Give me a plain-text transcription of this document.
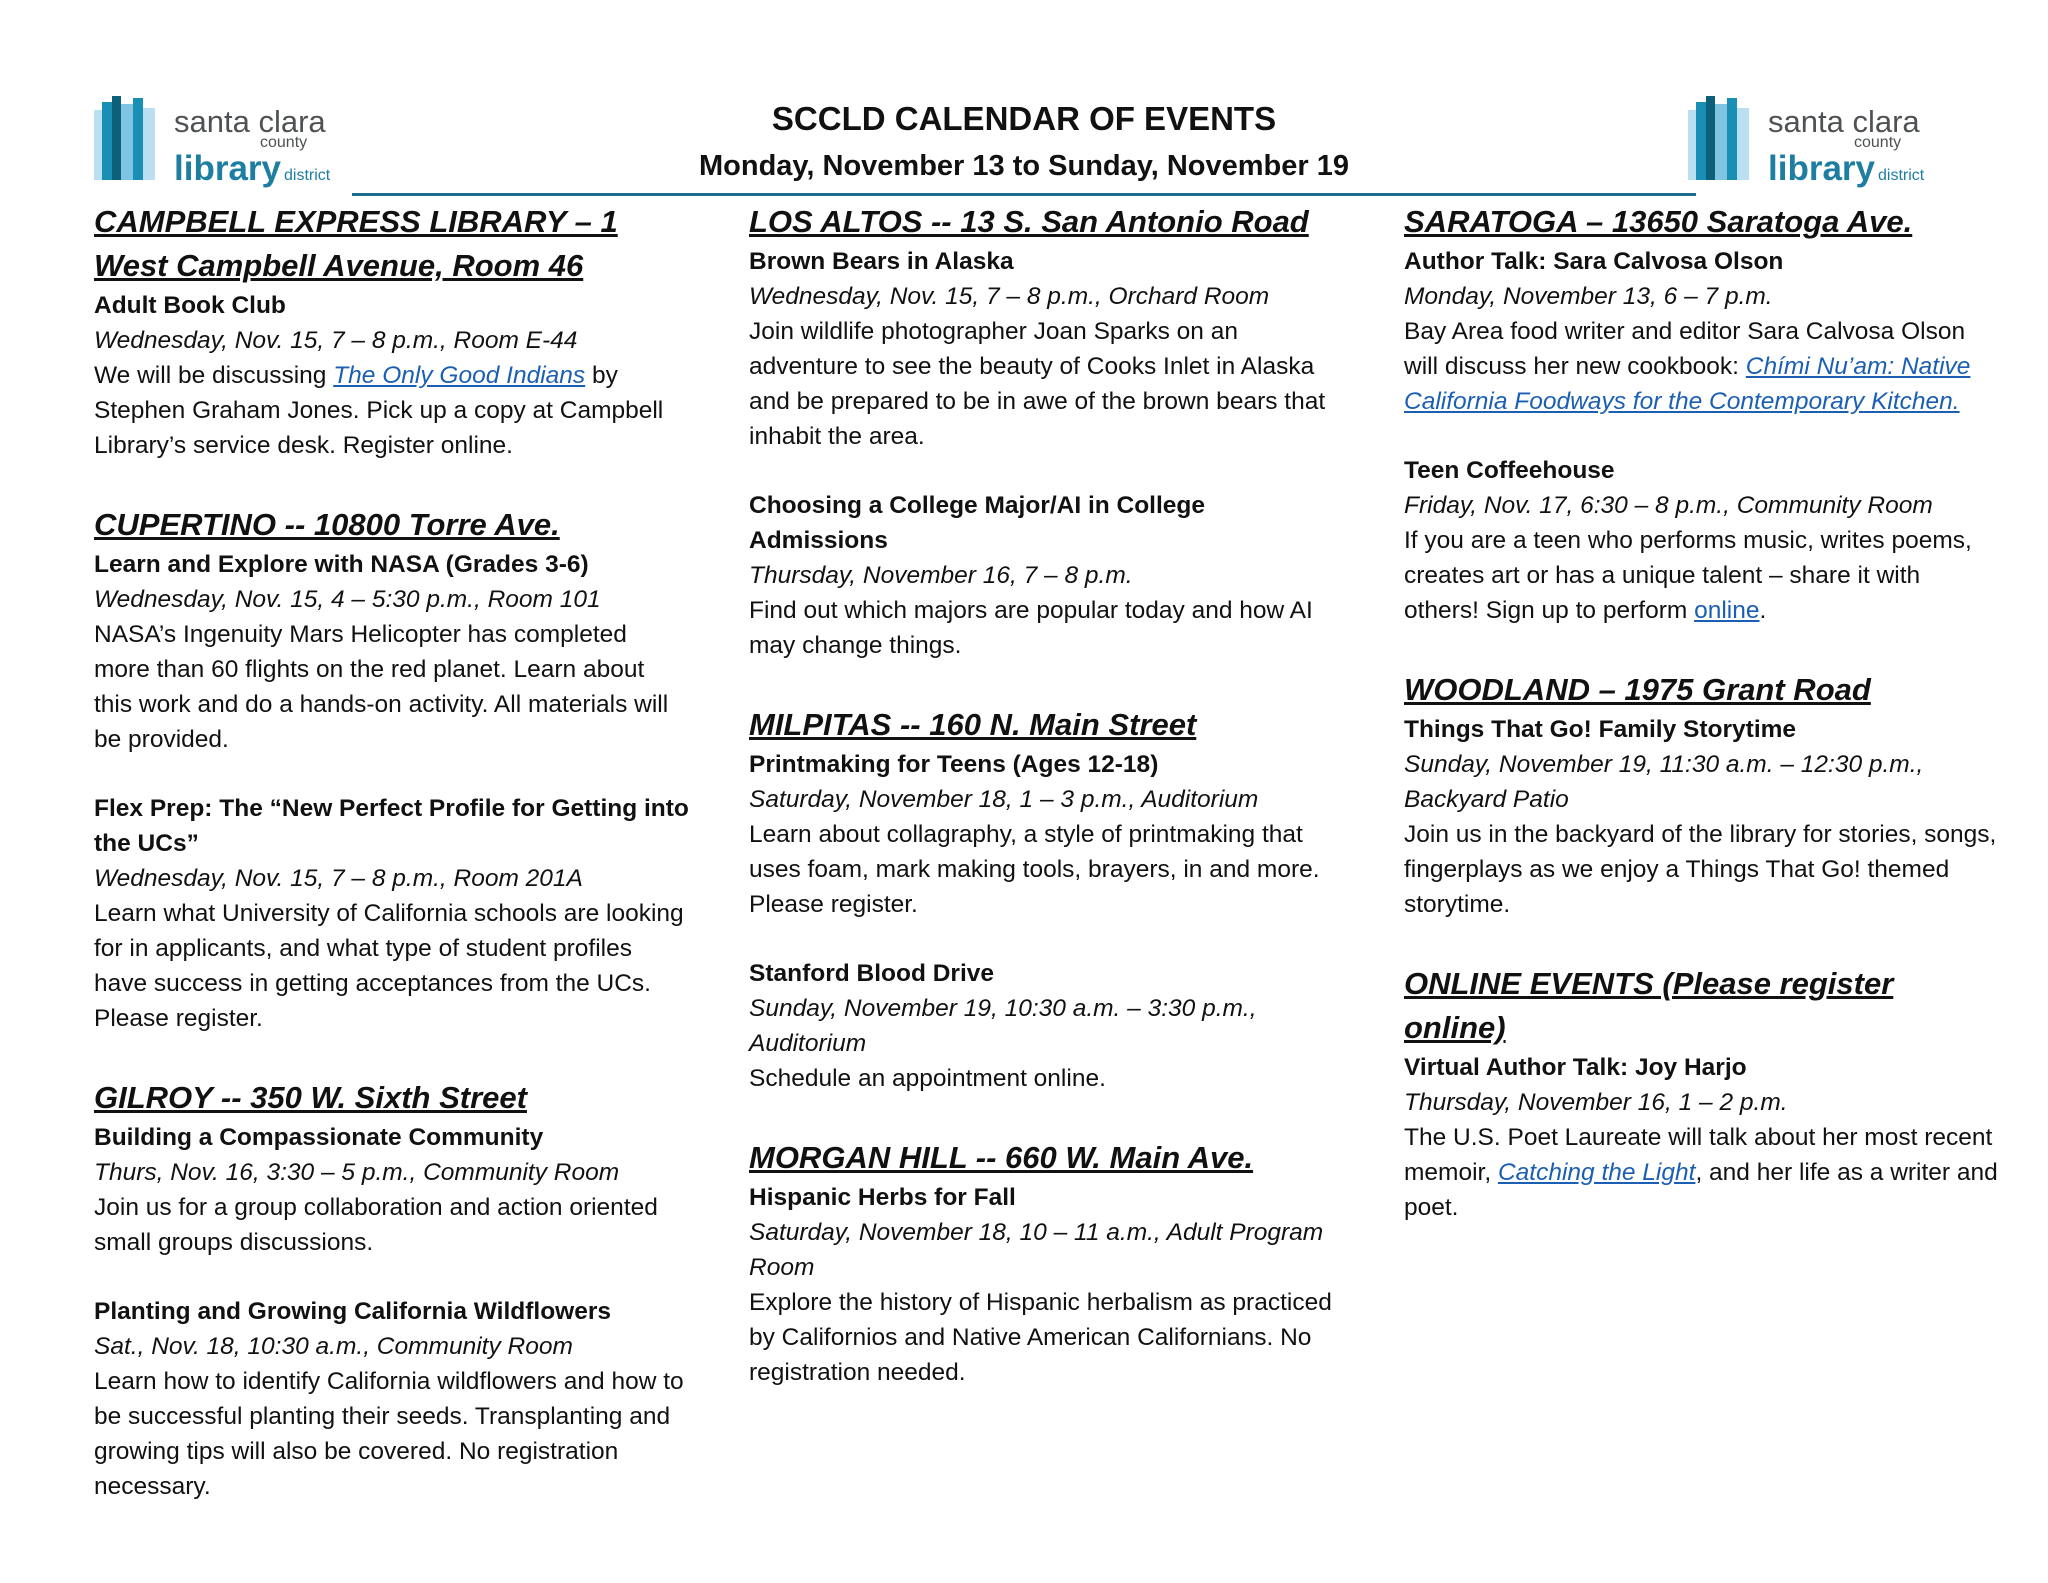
santa clara
county
library district
santa clara
county
library district
SCCLD CALENDAR OF EVENTS
Monday, November 13 to Sunday, November 19
CAMPBELL EXPRESS LIBRARY – 1 West Campbell Avenue, Room 46

Adult Book Club

Wednesday, Nov. 15, 7 – 8 p.m., Room E-44

We will be discussing The Only Good Indians by Stephen Graham Jones. Pick up a copy at Campbell Library’s service desk. Register online.

CUPERTINO -- 10800 Torre Ave.

Learn and Explore with NASA (Grades 3-6)

Wednesday, Nov. 15, 4 – 5:30 p.m., Room 101

NASA’s Ingenuity Mars Helicopter has completed more than 60 flights on the red planet. Learn about this work and do a hands-on activity. All materials will be provided.

Flex Prep: The “New Perfect Profile for Getting into the UCs”

Wednesday, Nov. 15, 7 – 8 p.m., Room 201A

Learn what University of California schools are looking for in applicants, and what type of student profiles have success in getting acceptances from the UCs. Please register.

GILROY -- 350 W. Sixth Street

Building a Compassionate Community

Thurs, Nov. 16, 3:30 – 5 p.m., Community Room

Join us for a group collaboration and action oriented small groups discussions.

Planting and Growing California Wildflowers

Sat., Nov. 18, 10:30 a.m., Community Room

Learn how to identify California wildflowers and how to be successful planting their seeds. Transplanting and growing tips will also be covered. No registration necessary.

LOS ALTOS -- 13 S. San Antonio Road

Brown Bears in Alaska

Wednesday, Nov. 15, 7 – 8 p.m., Orchard Room

Join wildlife photographer Joan Sparks on an adventure to see the beauty of Cooks Inlet in Alaska and be prepared to be in awe of the brown bears that inhabit the area.

Choosing a College Major/AI in College Admissions

Thursday, November 16, 7 – 8 p.m.

Find out which majors are popular today and how AI may change things.

MILPITAS -- 160 N. Main Street

Printmaking for Teens (Ages 12-18)

Saturday, November 18, 1 – 3 p.m., Auditorium

Learn about collagraphy, a style of printmaking that uses foam, mark making tools, brayers, in and more. Please register.

Stanford Blood Drive

Sunday, November 19, 10:30 a.m. – 3:30 p.m., Auditorium

Schedule an appointment online.

MORGAN HILL -- 660 W. Main Ave.

Hispanic Herbs for Fall

Saturday, November 18, 10 – 11 a.m., Adult Program Room

Explore the history of Hispanic herbalism as practiced by Californios and Native American Californians. No registration needed.

SARATOGA – 13650 Saratoga Ave.

Author Talk: Sara Calvosa Olson

Monday, November 13, 6 – 7 p.m.

Bay Area food writer and editor Sara Calvosa Olson will discuss her new cookbook: Chími Nu’am: Native California Foodways for the Contemporary Kitchen.

Teen Coffeehouse

Friday, Nov. 17, 6:30 – 8 p.m., Community Room

If you are a teen who performs music, writes poems, creates art or has a unique talent – share it with others! Sign up to perform online.

WOODLAND – 1975 Grant Road

Things That Go! Family Storytime

Sunday, November 19, 11:30 a.m. – 12:30 p.m., Backyard Patio

Join us in the backyard of the library for stories, songs, fingerplays as we enjoy a Things That Go! themed storytime.

ONLINE EVENTS (Please register online)

Virtual Author Talk: Joy Harjo

Thursday, November 16, 1 – 2 p.m.

The U.S. Poet Laureate will talk about her most recent memoir, Catching the Light, and her life as a writer and poet.
